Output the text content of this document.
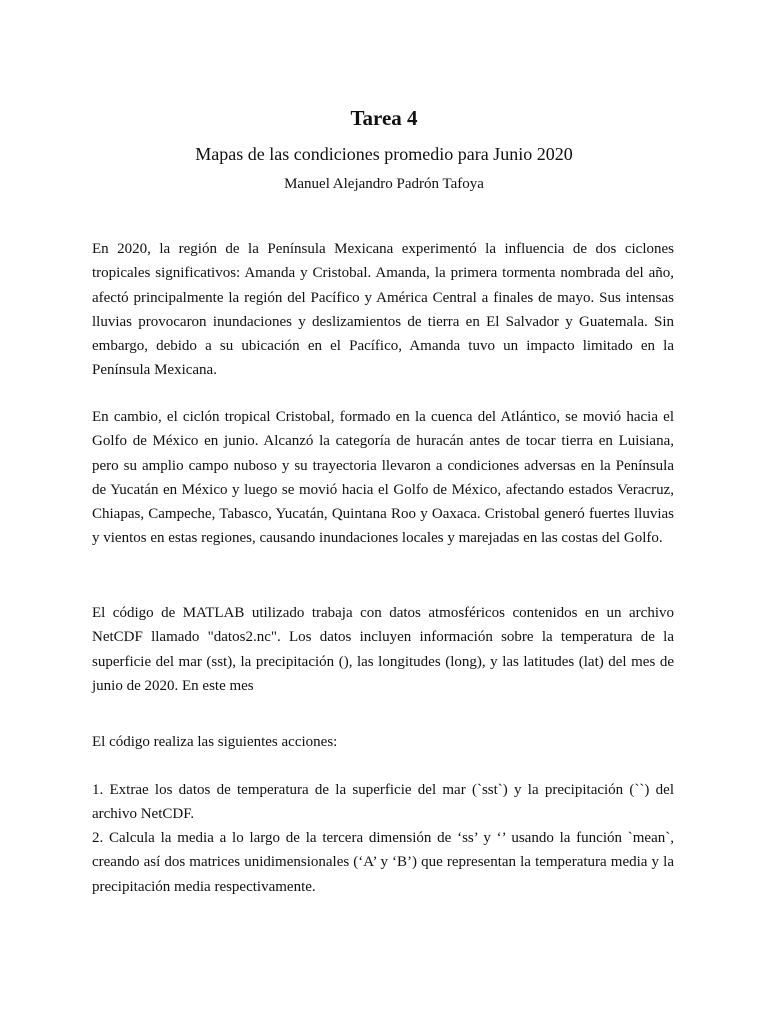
Tarea 4
Mapas de las condiciones promedio para Junio 2020
Manuel Alejandro Padrón Tafoya

En 2020, la región de la Península Mexicana experimentó la influencia de dos ciclones tropicales significativos: Amanda y Cristobal. Amanda, la primera tormenta nombrada del año, afectó principalmente la región del Pacífico y América Central a finales de mayo. Sus intensas lluvias provocaron inundaciones y deslizamientos de tierra en El Salvador y Guatemala. Sin embargo, debido a su ubicación en el Pacífico, Amanda tuvo un impacto limitado en la Península Mexicana.

En cambio, el ciclón tropical Cristobal, formado en la cuenca del Atlántico, se movió hacia el Golfo de México en junio. Alcanzó la categoría de huracán antes de tocar tierra en Luisiana, pero su amplio campo nuboso y su trayectoria llevaron a condiciones adversas en la Península de Yucatán en México y luego se movió hacia el Golfo de México, afectando estados Veracruz, Chiapas, Campeche, Tabasco, Yucatán, Quintana Roo y Oaxaca. Cristobal generó fuertes lluvias y vientos en estas regiones, causando inundaciones locales y marejadas en las costas del Golfo.

El código de MATLAB utilizado trabaja con datos atmosféricos contenidos en un archivo NetCDF llamado "datos2.nc". Los datos incluyen información sobre la temperatura de la superficie del mar (sst), la precipitación (), las longitudes (long), y las latitudes (lat) del mes de junio de 2020. En este mes

El código realiza las siguientes acciones:

1. Extrae los datos de temperatura de la superficie del mar (`sst`) y la precipitación (``) del archivo NetCDF.

2. Calcula la media a lo largo de la tercera dimensión de ‘ss’ y ‘’ usando la función `mean`, creando así dos matrices unidimensionales (‘A’ y ‘B’) que representan la temperatura media y la precipitación media respectivamente.
